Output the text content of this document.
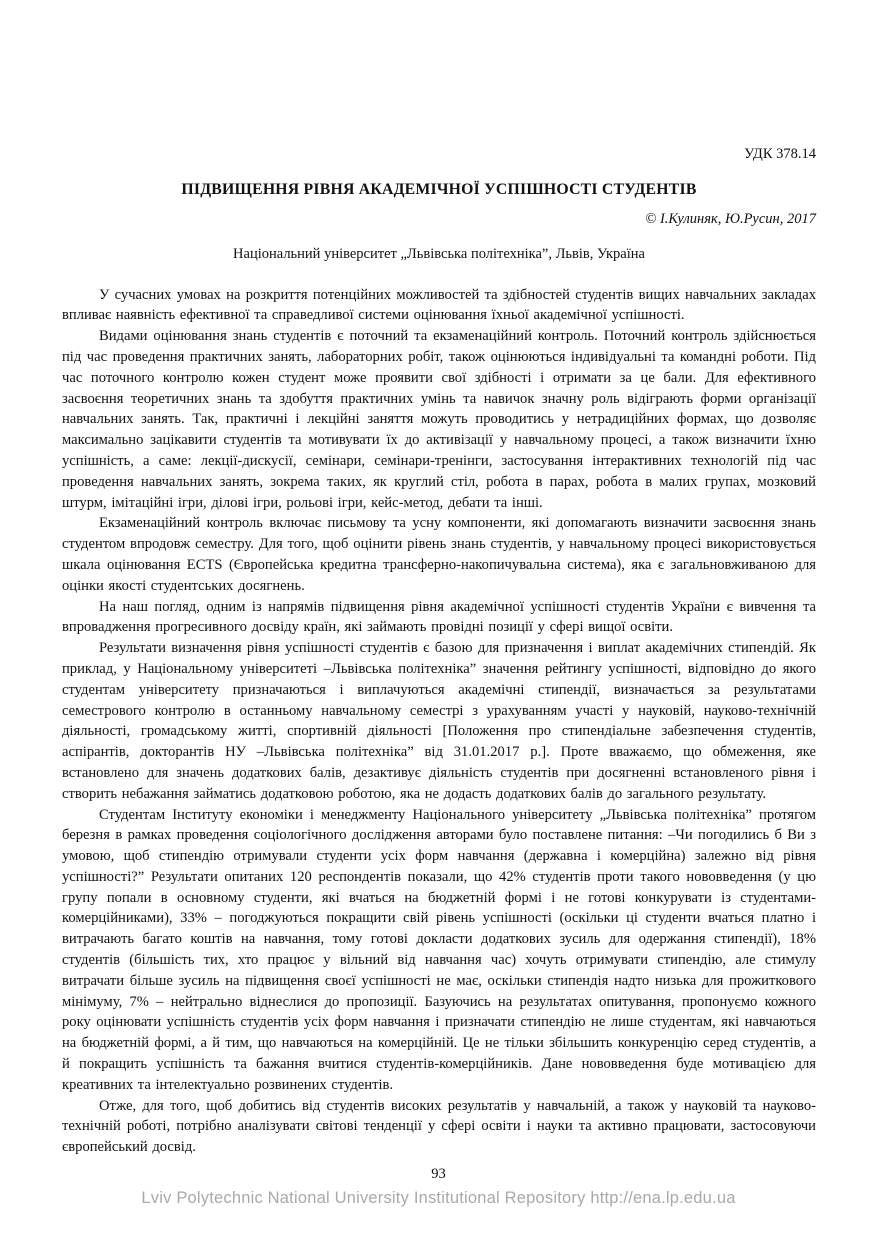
УДК 378.14
ПІДВИЩЕННЯ РІВНЯ АКАДЕМІЧНОЇ УСПІШНОСТІ СТУДЕНТІВ
© І.Кулиняк, Ю.Русин, 2017
Національний університет „Львівська політехніка”, Львів, Україна

У сучасних умовах на розкриття потенційних можливостей та здібностей студентів вищих навчальних закладах впливає наявність ефективної та справедливої системи оцінювання їхньої академічної успішності.

Видами оцінювання знань студентів є поточний та екзаменаційний контроль. Поточний контроль здійснюється під час проведення практичних занять, лабораторних робіт, також оцінюються індивідуальні та командні роботи. Під час поточного контролю кожен студент може проявити свої здібності і отримати за це бали. Для ефективного засвоєння теоретичних знань та здобуття практичних умінь та навичок значну роль відіграють форми організації навчальних занять. Так, практичні і лекційні заняття можуть проводитись у нетрадиційних формах, що дозволяє максимально зацікавити студентів та мотивувати їх до активізації у навчальному процесі, а також визначити їхню успішність, а саме: лекції-дискусії, семінари, семінари-тренінги, застосування інтерактивних технологій під час проведення навчальних занять, зокрема таких, як круглий стіл, робота в парах, робота в малих групах, мозковий штурм, імітаційні ігри, ділові ігри, рольові ігри, кейс-метод, дебати та інші.

Екзаменаційний контроль включає письмову та усну компоненти, які допомагають визначити засвоєння знань студентом впродовж семестру. Для того, щоб оцінити рівень знань студентів, у навчальному процесі використовується шкала оцінювання ECTS (Європейська кредитна трансферно-накопичувальна система), яка є загальновживаною для оцінки якості студентських досягнень.

На наш погляд, одним із напрямів підвищення рівня академічної успішності студентів України є вивчення та впровадження прогресивного досвіду країн, які займають провідні позиції у сфері вищої освіти.

Результати визначення рівня успішності студентів є базою для призначення і виплат академічних стипендій. Як приклад, у Національному університеті –Львівська політехніка” значення рейтингу успішності, відповідно до якого студентам університету призначаються і виплачуються академічні стипендії, визначається за результатами семестрового контролю в останньому навчальному семестрі з урахуванням участі у науковій, науково-технічній діяльності, громадському житті, спортивній діяльності [Положення про стипендіальне забезпечення студентів, аспірантів, докторантів НУ –Львівська політехніка” від 31.01.2017 р.]. Проте вважаємо, що обмеження, яке встановлено для значень додаткових балів, дезактивує діяльність студентів при досягненні встановленого рівня і створить небажання займатись додатковою роботою, яка не додасть додаткових балів до загального результату.

Студентам Інституту економіки і менеджменту Національного університету „Львівська політехніка” протягом березня в рамках проведення соціологічного дослідження авторами було поставлене питання: –Чи погодились б Ви з умовою, щоб стипендію отримували студенти усіх форм навчання (державна і комерційна) залежно від рівня успішності?” Результати опитаних 120 респондентів показали, що 42% студентів проти такого нововведення (у цю групу попали в основному студенти, які вчаться на бюджетній формі і не готові конкурувати із студентами-комерційниками), 33% – погоджуються покращити свій рівень успішності (оскільки ці студенти вчаться платно і витрачають багато коштів на навчання, тому готові докласти додаткових зусиль для одержання стипендії), 18% студентів (більшість тих, хто працює у вільний від навчання час) хочуть отримувати стипендію, але стимулу витрачати більше зусиль на підвищення своєї успішності не має, оскільки стипендія надто низька для прожиткового мінімуму, 7% – нейтрально віднеслися до пропозиції. Базуючись на результатах опитування, пропонуємо кожного року оцінювати успішність студентів усіх форм навчання і призначати стипендію не лише студентам, які навчаються на бюджетній формі, а й тим, що навчаються на комерційній. Це не тільки збільшить конкуренцію серед студентів, а й покращить успішність та бажання вчитися студентів-комерційників. Дане нововведення буде мотивацією для креативних та інтелектуально розвинених студентів.

Отже, для того, щоб добитись від студентів високих результатів у навчальній, а також у науковій та науково-технічній роботі, потрібно аналізувати світові тенденції у сфері освіти і науки та активно працювати, застосовуючи європейський досвід.

93
Lviv Polytechnic National University Institutional Repository http://ena.lp.edu.ua
